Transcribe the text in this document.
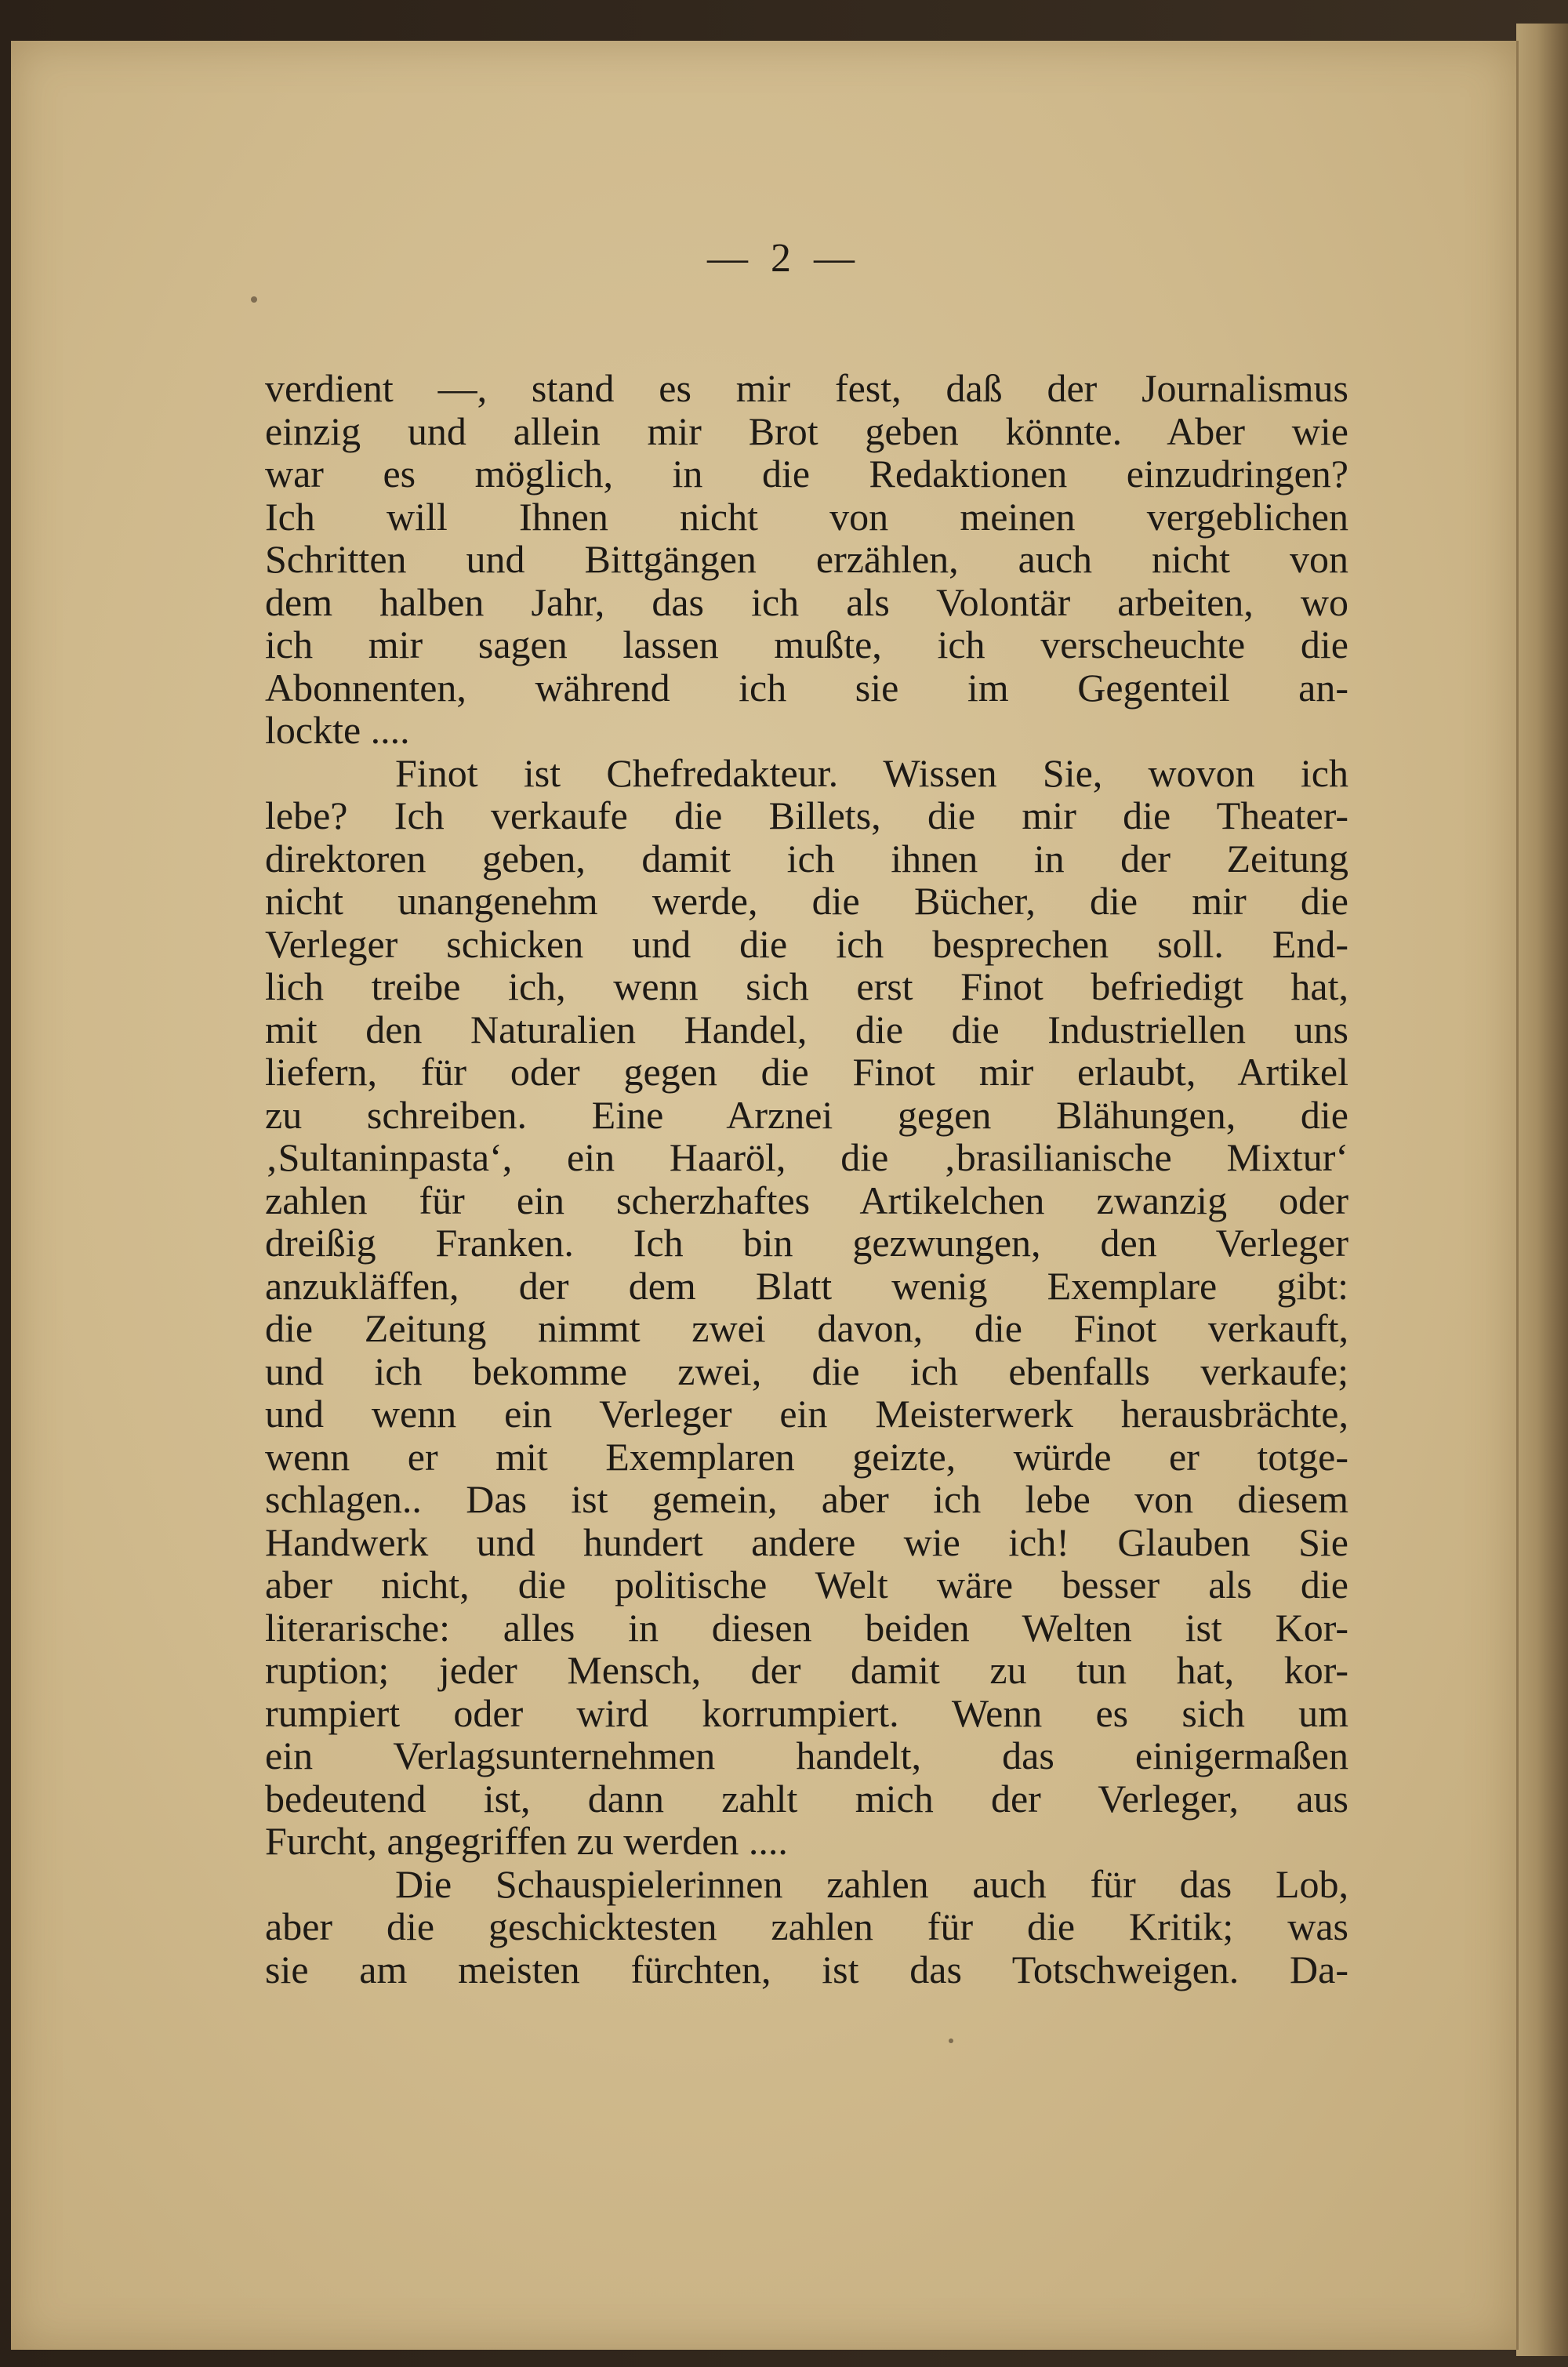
— 2 —
verdient —, stand es mir fest, daß der Journalismus
einzig und allein mir Brot geben könnte. Aber wie
war es möglich, in die Redaktionen einzudringen?
Ich will Ihnen nicht von meinen vergeblichen
Schritten und Bittgängen erzählen, auch nicht von
dem halben Jahr, das ich als Volontär arbeiten, wo
ich mir sagen lassen mußte, ich verscheuchte die
Abonnenten, während ich sie im Gegenteil an-
lockte ....
Finot ist Chefredakteur. Wissen Sie, wovon ich
lebe? Ich verkaufe die Billets, die mir die Theater-
direktoren geben, damit ich ihnen in der Zeitung
nicht unangenehm werde, die Bücher, die mir die
Verleger schicken und die ich besprechen soll. End-
lich treibe ich, wenn sich erst Finot befriedigt hat,
mit den Naturalien Handel, die die Industriellen uns
liefern, für oder gegen die Finot mir erlaubt, Artikel
zu schreiben. Eine Arznei gegen Blähungen, die
‚Sultaninpasta‘, ein Haaröl, die ‚brasilianische Mixtur‘
zahlen für ein scherzhaftes Artikelchen zwanzig oder
dreißig Franken. Ich bin gezwungen, den Verleger
anzukläffen, der dem Blatt wenig Exemplare gibt:
die Zeitung nimmt zwei davon, die Finot verkauft,
und ich bekomme zwei, die ich ebenfalls verkaufe;
und wenn ein Verleger ein Meisterwerk herausbrächte,
wenn er mit Exemplaren geizte, würde er totge-
schlagen.. Das ist gemein, aber ich lebe von diesem
Handwerk und hundert andere wie ich! Glauben Sie
aber nicht, die politische Welt wäre besser als die
literarische: alles in diesen beiden Welten ist Kor-
ruption; jeder Mensch, der damit zu tun hat, kor-
rumpiert oder wird korrumpiert. Wenn es sich um
ein Verlagsunternehmen handelt, das einigermaßen
bedeutend ist, dann zahlt mich der Verleger, aus
Furcht, angegriffen zu werden ....
Die Schauspielerinnen zahlen auch für das Lob,
aber die geschicktesten zahlen für die Kritik; was
sie am meisten fürchten, ist das Totschweigen. Da-
